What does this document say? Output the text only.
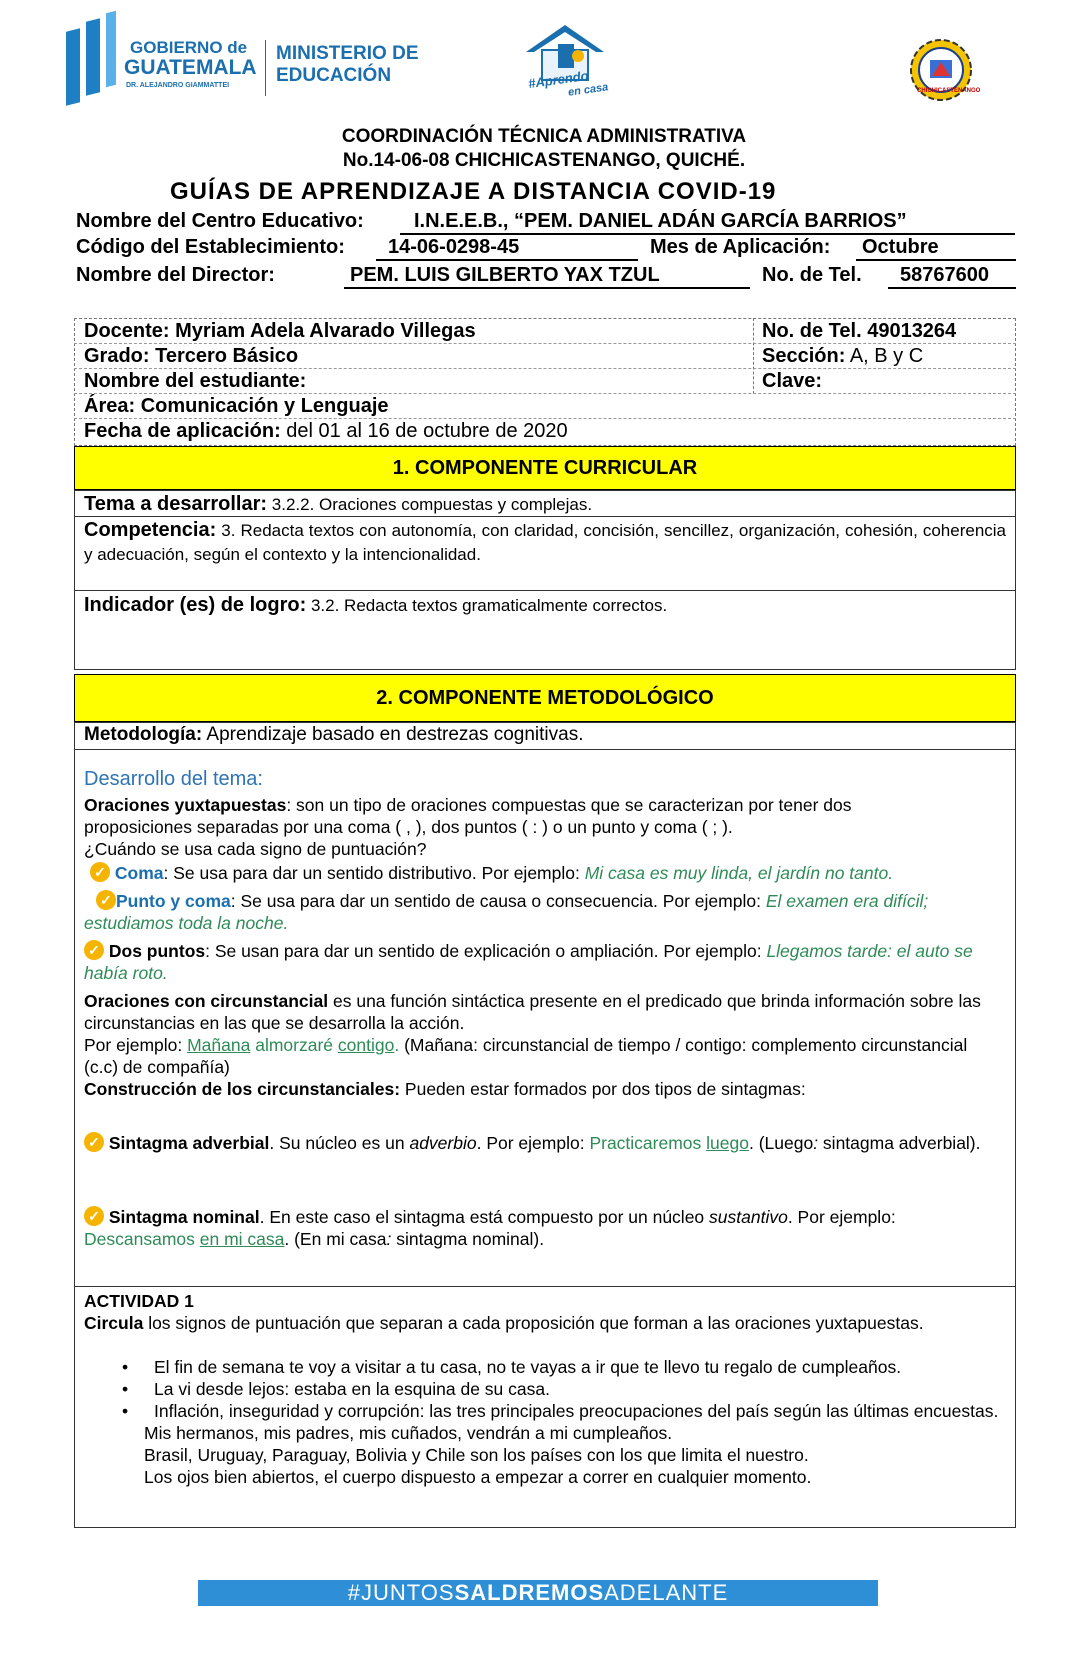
GOBIERNO de
GUATEMALA
DR. ALEJANDRO GIAMMATTEI
MINISTERIO DE
EDUCACIÓN	#Aprendo
en casa	CHICHICASTENANGO
COORDINACIÓN TÉCNICA ADMINISTRATIVA
No.14-06-08 CHICHICASTENANGO, QUICHÉ.
GUÍAS DE APRENDIZAJE A DISTANCIA COVID-19
Nombre del Centro Educativo:	I.N.E.E.B., “PEM. DANIEL ADÁN GARCÍA BARRIOS”
Código del Establecimiento:	14-06-0298-45	Mes de Aplicación:	Octubre
Nombre del Director:	PEM. LUIS GILBERTO YAX TZUL	No. de Tel.	58767600
Docente: Myriam Adela Alvarado Villegas	No. de Tel. 49013264
Grado: Tercero Básico	Sección: A, B y C
Nombre del estudiante:	Clave:
Área: Comunicación y Lenguaje
Fecha de aplicación: del 01 al 16 de octubre de 2020
1. COMPONENTE CURRICULAR
Tema a desarrollar: 3.2.2. Oraciones compuestas y complejas.
Competencia: 3. Redacta textos con autonomía, con claridad, concisión, sencillez, organización, cohesión, coherencia y adecuación, según el contexto y la intencionalidad.
Indicador (es) de logro: 3.2. Redacta textos gramaticalmente correctos.
2. COMPONENTE METODOLÓGICO
Metodología: Aprendizaje basado en destrezas cognitivas.
Desarrollo del tema:
Oraciones yuxtapuestas: son un tipo de oraciones compuestas que se caracterizan por tener dos proposiciones separadas por una coma ( , ), dos puntos ( : ) o un punto y coma ( ; ).
¿Cuándo se usa cada signo de puntuación?
✓ Coma: Se usa para dar un sentido distributivo. Por ejemplo: Mi casa es muy linda, el jardín no tanto.
✓ Punto y coma: Se usa para dar un sentido de causa o consecuencia. Por ejemplo: El examen era difícil; estudiamos toda la noche.
✓ Dos puntos: Se usan para dar un sentido de explicación o ampliación. Por ejemplo: Llegamos tarde: el auto se había roto.
Oraciones con circunstancial es una función sintáctica presente en el predicado que brinda información sobre las circunstancias en las que se desarrolla la acción.
Por ejemplo: Mañana almorzaré contigo. (Mañana: circunstancial de tiempo / contigo: complemento circunstancial (c.c) de compañía)
Construcción de los circunstanciales: Pueden estar formados por dos tipos de sintagmas:
✓ Sintagma adverbial. Su núcleo es un adverbio. Por ejemplo: Practicaremos luego. (Luego: sintagma adverbial).
✓ Sintagma nominal. En este caso el sintagma está compuesto por un núcleo sustantivo. Por ejemplo: Descansamos en mi casa. (En mi casa: sintagma nominal).
ACTIVIDAD 1
Circula los signos de puntuación que separan a cada proposición que forman a las oraciones yuxtapuestas.
• El fin de semana te voy a visitar a tu casa, no te vayas a ir que te llevo tu regalo de cumpleaños.
• La vi desde lejos: estaba en la esquina de su casa.
• Inflación, inseguridad y corrupción: las tres principales preocupaciones del país según las últimas encuestas.
Mis hermanos, mis padres, mis cuñados, vendrán a mi cumpleaños.
Brasil, Uruguay, Paraguay, Bolivia y Chile son los países con los que limita el nuestro.
Los ojos bien abiertos, el cuerpo dispuesto a empezar a correr en cualquier momento.
#JUNTOSSALDREMOSADELANTE
